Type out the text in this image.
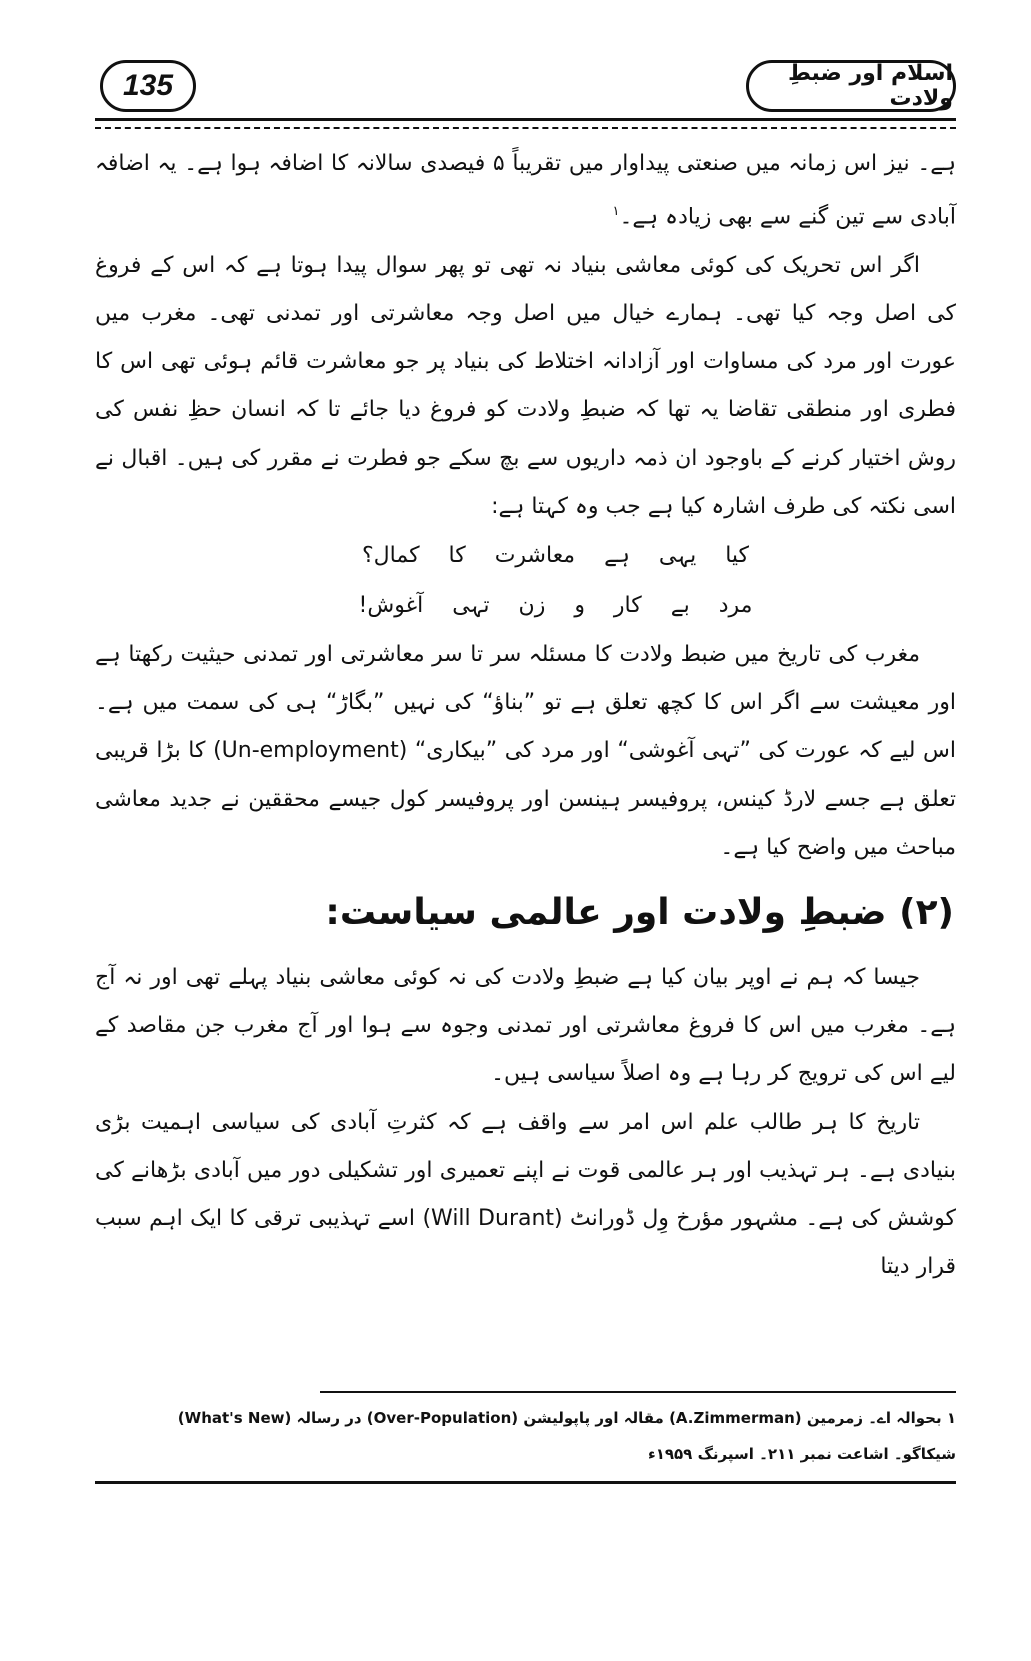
135	اسلام اور ضبطِ ولادت

ہے۔ نیز اس زمانہ میں صنعتی پیداوار میں تقریباً ۵ فیصدی سالانہ کا اضافہ ہوا ہے۔ یہ اضافہ آبادی سے تین گنے سے بھی زیادہ ہے۔$^۱$

اگر اس تحریک کی کوئی معاشی بنیاد نہ تھی تو پھر سوال پیدا ہوتا ہے کہ اس کے فروغ کی اصل وجہ کیا تھی۔ ہمارے خیال میں اصل وجہ معاشرتی اور تمدنی تھی۔ مغرب میں عورت اور مرد کی مساوات اور آزادانہ اختلاط کی بنیاد پر جو معاشرت قائم ہوئی تھی اس کا فطری اور منطقی تقاضا یہ تھا کہ ضبطِ ولادت کو فروغ دیا جائے تا کہ انسان حظِ نفس کی روش اختیار کرنے کے باوجود ان ذمہ داریوں سے بچ سکے جو فطرت نے مقرر کی ہیں۔ اقبال نے اسی نکتہ کی طرف اشارہ کیا ہے جب وہ کہتا ہے:

کیا یہی ہے معاشرت کا کمال؟
مرد بے کار و زن تہی آغوش!

مغرب کی تاریخ میں ضبط ولادت کا مسئلہ سر تا سر معاشرتی اور تمدنی حیثیت رکھتا ہے اور معیشت سے اگر اس کا کچھ تعلق ہے تو ”بناؤ“ کی نہیں ”بگاڑ“ ہی کی سمت میں ہے۔ اس لیے کہ عورت کی ”تہی آغوشی“ اور مرد کی ”بیکاری“ (Un-employment) کا بڑا قریبی تعلق ہے جسے لارڈ کینس، پروفیسر ہینسن اور پروفیسر کول جیسے محققین نے جدید معاشی مباحث میں واضح کیا ہے۔

(۲) ضبطِ ولادت اور عالمی سیاست:

جیسا کہ ہم نے اوپر بیان کیا ہے ضبطِ ولادت کی نہ کوئی معاشی بنیاد پہلے تھی اور نہ آج ہے۔ مغرب میں اس کا فروغ معاشرتی اور تمدنی وجوہ سے ہوا اور آج مغرب جن مقاصد کے لیے اس کی ترویج کر رہا ہے وہ اصلاً سیاسی ہیں۔

تاریخ کا ہر طالب علم اس امر سے واقف ہے کہ کثرتِ آبادی کی سیاسی اہمیت بڑی بنیادی ہے۔ ہر تہذیب اور ہر عالمی قوت نے اپنے تعمیری اور تشکیلی دور میں آبادی بڑھانے کی کوشش کی ہے۔ مشہور مؤرخ وِل ڈورانٹ (Will Durant) اسے تہذیبی ترقی کا ایک اہم سبب قرار دیتا

۱ بحوالہ اے۔ زمرمین (A.Zimmerman) مقالہ اور پاپولیشن (Over-Population) در رسالہ (What's New)

شیکاگو۔ اشاعت نمبر ۲۱۱۔ اسپرنگ ۱۹۵۹ء
